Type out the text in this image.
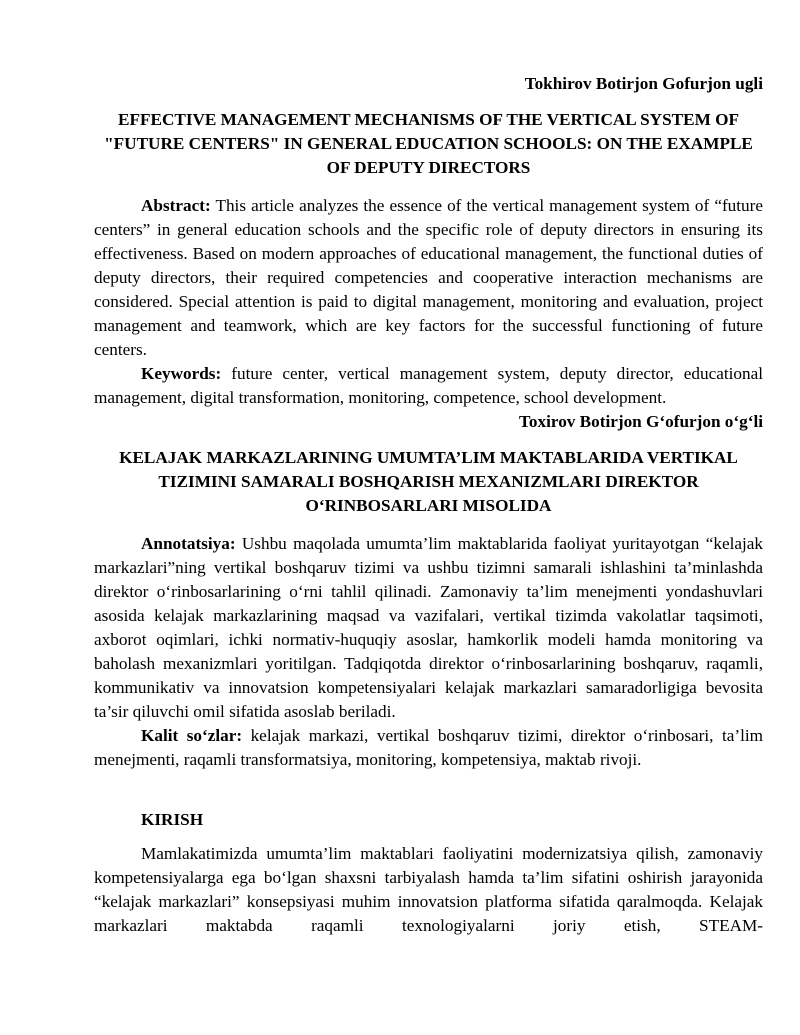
Tokhirov Botirjon Gofurjon ugli

EFFECTIVE MANAGEMENT MECHANISMS OF THE VERTICAL SYSTEM OF "FUTURE CENTERS" IN GENERAL EDUCATION SCHOOLS: ON THE EXAMPLE OF DEPUTY DIRECTORS

Abstract: This article analyzes the essence of the vertical management system of “future centers” in general education schools and the specific role of deputy directors in ensuring its effectiveness. Based on modern approaches of educational management, the functional duties of deputy directors, their required competencies and cooperative interaction mechanisms are considered. Special attention is paid to digital management, monitoring and evaluation, project management and teamwork, which are key factors for the successful functioning of future centers.

Keywords: future center, vertical management system, deputy director, educational management, digital transformation, monitoring, competence, school development.

Toxirov Botirjon G‘ofurjon o‘g‘li

KELAJAK MARKAZLARINING UMUMTA’LIM MAKTABLARIDA VERTIKAL TIZIMINI SAMARALI BOSHQARISH MEXANIZMLARI DIREKTOR O‘RINBOSARLARI MISOLIDA

Annotatsiya: Ushbu maqolada umumta’lim maktablarida faoliyat yuritayotgan “kelajak markazlari”ning vertikal boshqaruv tizimi va ushbu tizimni samarali ishlashini ta’minlashda direktor o‘rinbosarlarining o‘rni tahlil qilinadi. Zamonaviy ta’lim menejmenti yondashuvlari asosida kelajak markazlarining maqsad va vazifalari, vertikal tizimda vakolatlar taqsimoti, axborot oqimlari, ichki normativ-huquqiy asoslar, hamkorlik modeli hamda monitoring va baholash mexanizmlari yoritilgan. Tadqiqotda direktor o‘rinbosarlarining boshqaruv, raqamli, kommunikativ va innovatsion kompetensiyalari kelajak markazlari samaradorligiga bevosita ta’sir qiluvchi omil sifatida asoslab beriladi.

Kalit so‘zlar: kelajak markazi, vertikal boshqaruv tizimi, direktor o‘rinbosari, ta’lim menejmenti, raqamli transformatsiya, monitoring, kompetensiya, maktab rivoji.

KIRISH

Mamlakatimizda umumta’lim maktablari faoliyatini modernizatsiya qilish, zamonaviy kompetensiyalarga ega bo‘lgan shaxsni tarbiyalash hamda ta’lim sifatini oshirish jarayonida “kelajak markazlari” konsepsiyasi muhim innovatsion platforma sifatida qaralmoqda. Kelajak markazlari maktabda raqamli texnologiyalarni joriy etish, STEAM-
